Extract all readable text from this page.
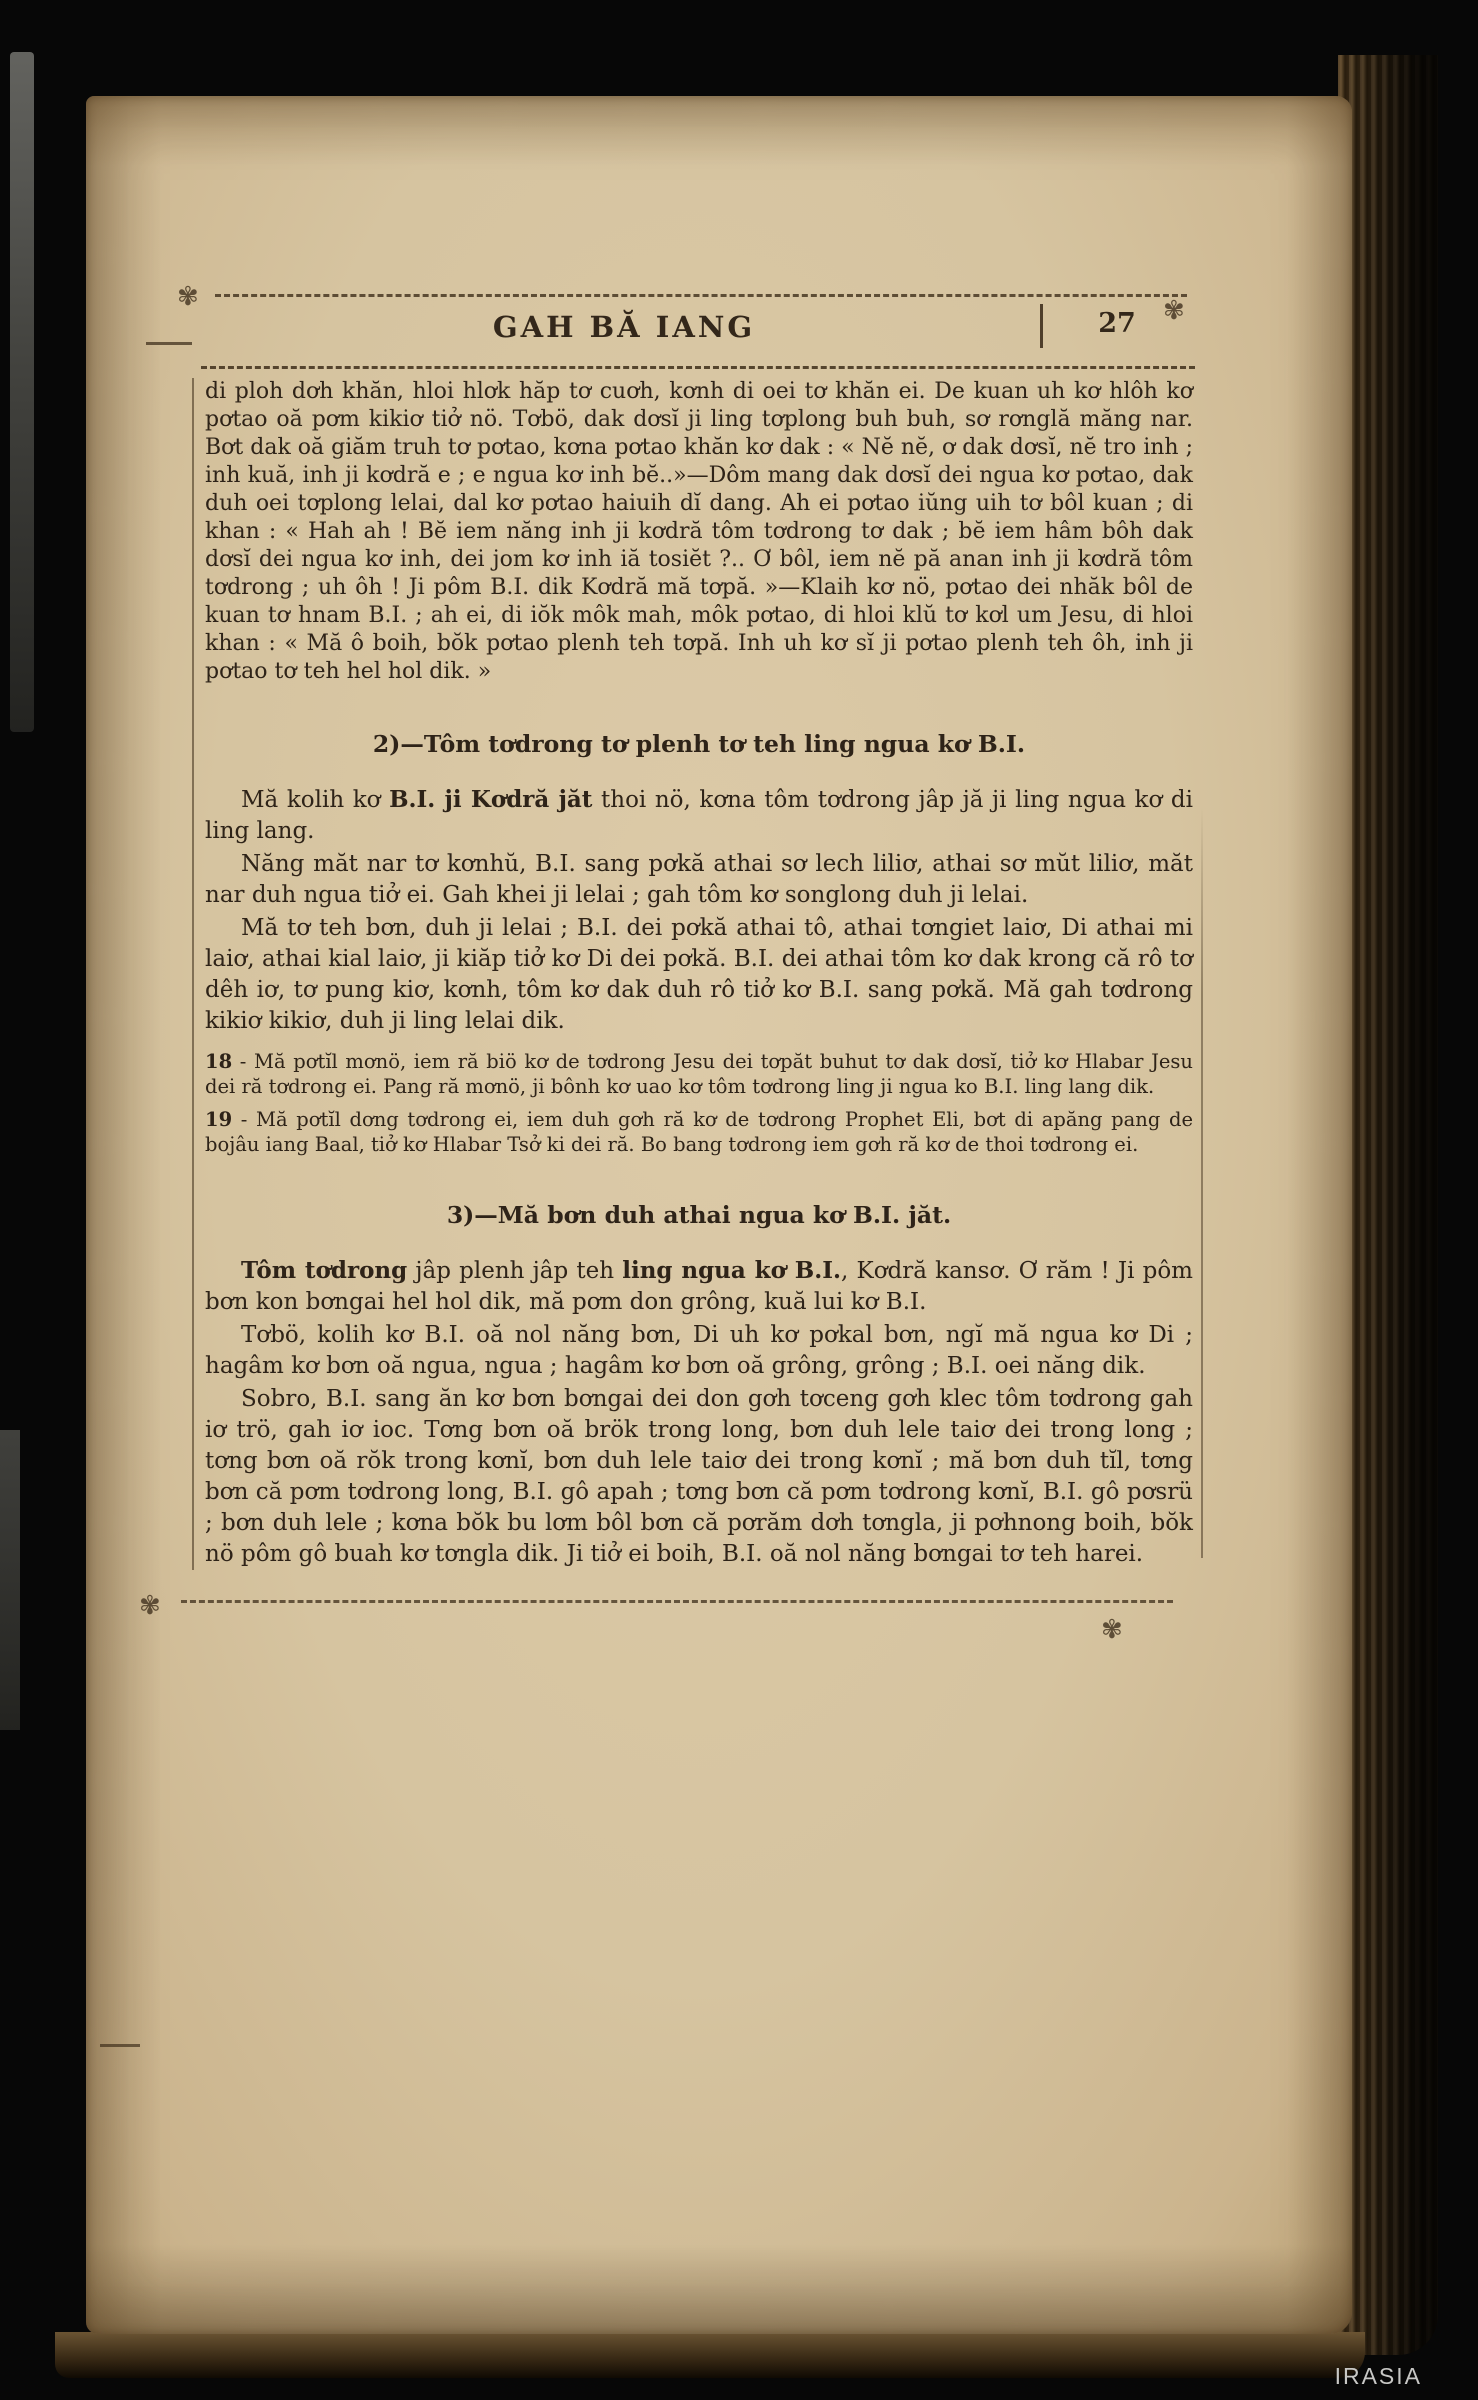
✾
GAH BĂ IANG	27	✾

di ploh dơh khăn, hloi hlơk hăp tơ cuơh, kơnh di oei tơ khăn ei. De kuan uh kơ hlôh kơ pơtao oă pơm kikiơ tiở nö. Tơbö, dak dơsĭ ji ling tơplong buh buh, sơ rơnglă măng nar. Bơt dak oă giăm truh tơ pơtao, kơna pơtao khăn kơ dak : « Nĕ nĕ, ơ dak dơsĭ, nĕ tro inh ; inh kuă, inh ji kơdră e ; e ngua kơ inh bĕ..»—Dôm mang dak dơsĭ dei ngua kơ pơtao, dak duh oei tơplong lelai, dal kơ pơtao haiuih dĭ dang. Ah ei pơtao iŭng uih tơ bôl kuan ; di khan : « Hah ah ! Bĕ iem năng inh ji kơdră tôm tơdrong tơ dak ; bĕ iem hâm bôh dak dơsĭ dei ngua kơ inh, dei jom kơ inh iă tosiĕt ?.. Ơ bôl, iem nĕ pă anan inh ji kơdră tôm tơdrong ; uh ôh ! Ji pôm B.I. dik Kơdră mă tơpă. »—Klaih kơ nö, pơtao dei nhăk bôl de kuan tơ hnam B.I. ; ah ei, di iŏk môk mah, môk pơtao, di hloi klŭ tơ kơl um Jesu, di hloi khan : « Mă ô boih, bŏk pơtao plenh teh tơpă. Inh uh kơ sĭ ji pơtao plenh teh ôh, inh ji pơtao tơ teh hel hol dik. »

2)—Tôm tơdrong tơ plenh tơ teh ling ngua kơ B.I.

Mă kolih kơ B.I. ji Kơdră jăt thoi nö, kơna tôm tơdrong jâp jă ji ling ngua kơ di ling lang.

Năng măt nar tơ kơnhŭ, B.I. sang pơkă athai sơ lech liliơ, athai sơ mŭt liliơ, măt nar duh ngua tiở ei. Gah khei ji lelai ; gah tôm kơ songlong duh ji lelai.

Mă tơ teh bơn, duh ji lelai ; B.I. dei pơkă athai tô, athai tơngiet laiơ, Di athai mi laiơ, athai kial laiơ, ji kiăp tiở kơ Di dei pơkă. B.I. dei athai tôm kơ dak krong că rô tơ dêh iơ, tơ pung kiơ, kơnh, tôm kơ dak duh rô tiở kơ B.I. sang pơkă. Mă gah tơdrong kikiơ kikiơ, duh ji ling lelai dik.

18 - Mă pơtĭl mơnö, iem ră biö kơ de tơdrong Jesu dei tơpăt buhut tơ dak dơsĭ, tiở kơ Hlabar Jesu dei ră tơdrong ei. Pang ră mơnö, ji bônh kơ uao kơ tôm tơdrong ling ji ngua ko B.I. ling lang dik.

19 - Mă pơtĭl dơng tơdrong ei, iem duh gơh ră kơ de tơdrong Prophet Eli, bơt di apăng pang de bojâu iang Baal, tiở kơ Hlabar Tsở ki dei ră. Bo bang tơdrong iem gơh ră kơ de thoi tơdrong ei.

3)—Mă bơn duh athai ngua kơ B.I. jăt.

Tôm tơdrong jâp plenh jâp teh ling ngua kơ B.I., Kơdră kansơ. Ơ răm ! Ji pôm bơn kon bơngai hel hol dik, mă pơm don grông, kuă lui kơ B.I.

Tơbö, kolih kơ B.I. oă nol năng bơn, Di uh kơ pơkal bơn, ngĭ mă ngua kơ Di ; hagâm kơ bơn oă ngua, ngua ; hagâm kơ bơn oă grông, grông ; B.I. oei năng dik.

Sobro, B.I. sang ăn kơ bơn bơngai dei don gơh tơceng gơh klec tôm tơdrong gah iơ trö, gah iơ ioc. Tơng bơn oă brök trong long, bơn duh lele taiơ dei trong long ; tơng bơn oă rŏk trong kơnĭ, bơn duh lele taiơ dei trong kơnĭ ; mă bơn duh tĭl, tơng bơn că pơm tơdrong long, B.I. gô apah ; tơng bơn că pơm tơdrong kơnĭ, B.I. gô pơsrü ; bơn duh lele ; kơna bŏk bu lơm bôl bơn că pơrăm dơh tơngla, ji pơhnong boih, bŏk nö pôm gô buah kơ tơngla dik. Ji tiở ei boih, B.I. oă nol năng bơngai tơ teh harei.

✾
✾
IRASIA
